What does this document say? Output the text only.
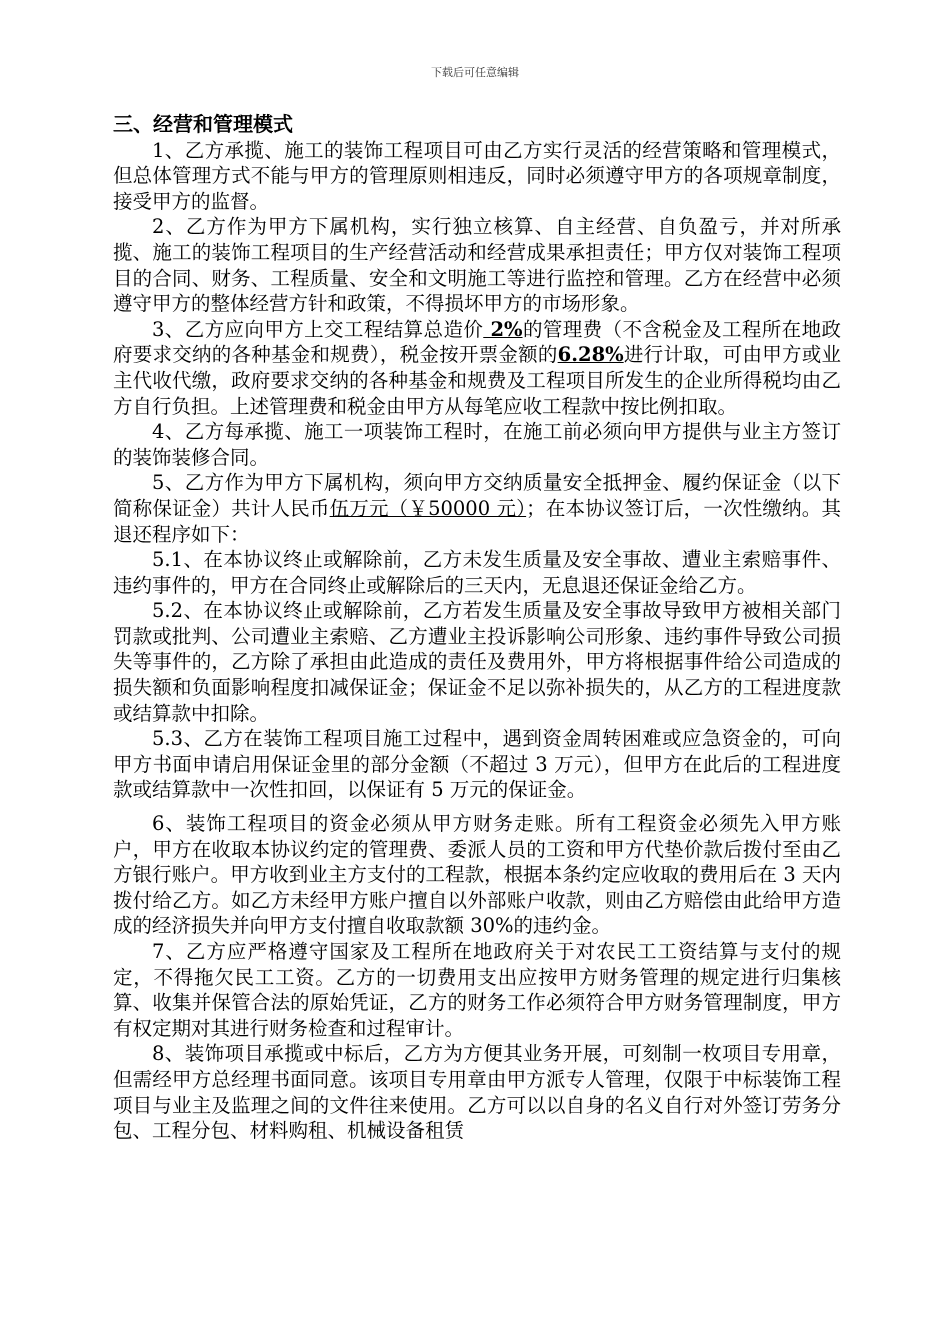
下载后可任意编辑

三、经营和管理模式

1、乙方承揽、施工的装饰工程项目可由乙方实行灵活的经营策略和管理模式，但总体管理方式不能与甲方的管理原则相违反，同时必须遵守甲方的各项规章制度，接受甲方的监督。

2、乙方作为甲方下属机构，实行独立核算、自主经营、自负盈亏，并对所承揽、施工的装饰工程项目的生产经营活动和经营成果承担责任；甲方仅对装饰工程项目的合同、财务、工程质量、安全和文明施工等进行监控和管理。乙方在经营中必须遵守甲方的整体经营方针和政策，不得损坏甲方的市场形象。

3、乙方应向甲方上交工程结算总造价 2%的管理费（不含税金及工程所在地政府要求交纳的各种基金和规费），税金按开票金额的6.28%进行计取，可由甲方或业主代收代缴，政府要求交纳的各种基金和规费及工程项目所发生的企业所得税均由乙方自行负担。上述管理费和税金由甲方从每笔应收工程款中按比例扣取。

4、乙方每承揽、施工一项装饰工程时，在施工前必须向甲方提供与业主方签订的装饰装修合同。

5、乙方作为甲方下属机构，须向甲方交纳质量安全抵押金、履约保证金（以下简称保证金）共计人民币伍万元（￥50000 元）；在本协议签订后，一次性缴纳。其退还程序如下：

5.1、在本协议终止或解除前，乙方未发生质量及安全事故、遭业主索赔事件、违约事件的，甲方在合同终止或解除后的三天内，无息退还保证金给乙方。

5.2、在本协议终止或解除前，乙方若发生质量及安全事故导致甲方被相关部门罚款或批判、公司遭业主索赔、乙方遭业主投诉影响公司形象、违约事件导致公司损失等事件的，乙方除了承担由此造成的责任及费用外，甲方将根据事件给公司造成的损失额和负面影响程度扣减保证金；保证金不足以弥补损失的，从乙方的工程进度款或结算款中扣除。

5.3、乙方在装饰工程项目施工过程中，遇到资金周转困难或应急资金的，可向甲方书面申请启用保证金里的部分金额（不超过 3 万元），但甲方在此后的工程进度款或结算款中一次性扣回，以保证有 5 万元的保证金。

6、装饰工程项目的资金必须从甲方财务走账。所有工程资金必须先入甲方账户，甲方在收取本协议约定的管理费、委派人员的工资和甲方代垫价款后拨付至由乙方银行账户。甲方收到业主方支付的工程款，根据本条约定应收取的费用后在 3 天内拨付给乙方。如乙方未经甲方账户擅自以外部账户收款，则由乙方赔偿由此给甲方造成的经济损失并向甲方支付擅自收取款额 30%的违约金。

7、乙方应严格遵守国家及工程所在地政府关于对农民工工资结算与支付的规定，不得拖欠民工工资。乙方的一切费用支出应按甲方财务管理的规定进行归集核算、收集并保管合法的原始凭证，乙方的财务工作必须符合甲方财务管理制度，甲方有权定期对其进行财务检查和过程审计。

8、装饰项目承揽或中标后，乙方为方便其业务开展，可刻制一枚项目专用章，但需经甲方总经理书面同意。该项目专用章由甲方派专人管理，仅限于中标装饰工程项目与业主及监理之间的文件往来使用。乙方可以以自身的名义自行对外签订劳务分包、工程分包、材料购租、机械设备租赁
